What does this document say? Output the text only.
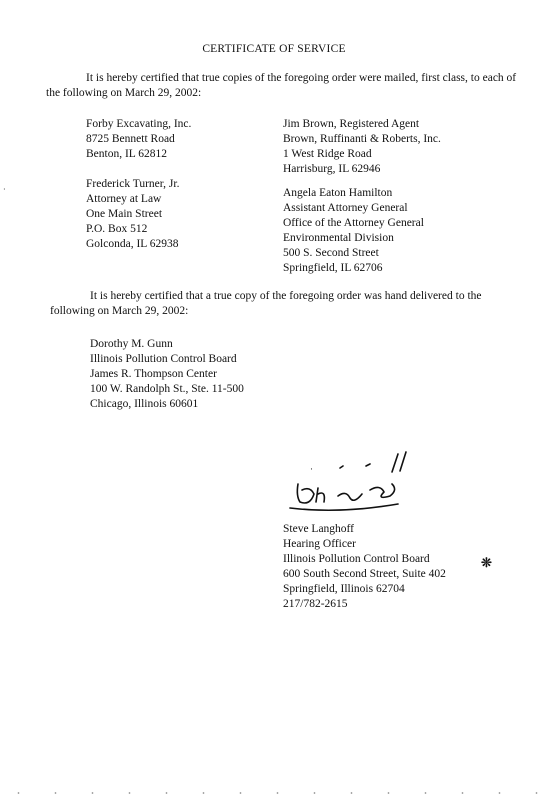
CERTIFICATE OF SERVICE

It is hereby certified that true copies of the foregoing order were mailed, first class, to each of the following on March 29, 2002:

Forby Excavating, Inc.
8725 Bennett Road
Benton, IL 62812
Jim Brown, Registered Agent
Brown, Ruffinanti & Roberts, Inc.
1 West Ridge Road
Harrisburg, IL 62946
Frederick Turner, Jr.
Attorney at Law
One Main Street
P.O. Box 512
Golconda, IL 62938
Angela Eaton Hamilton
Assistant Attorney General
Office of the Attorney General
Environmental Division
500 S. Second Street
Springfield, IL 62706

It is hereby certified that a true copy of the foregoing order was hand delivered to the following on March 29, 2002:

Dorothy M. Gunn
Illinois Pollution Control Board
James R. Thompson Center
100 W. Randolph St., Ste. 11-500
Chicago, Illinois 60601
Steve Langhoff
Hearing Officer
Illinois Pollution Control Board
600 South Second Street, Suite 402
Springfield, Illinois 62704
217/782-2615
❊
·
·
